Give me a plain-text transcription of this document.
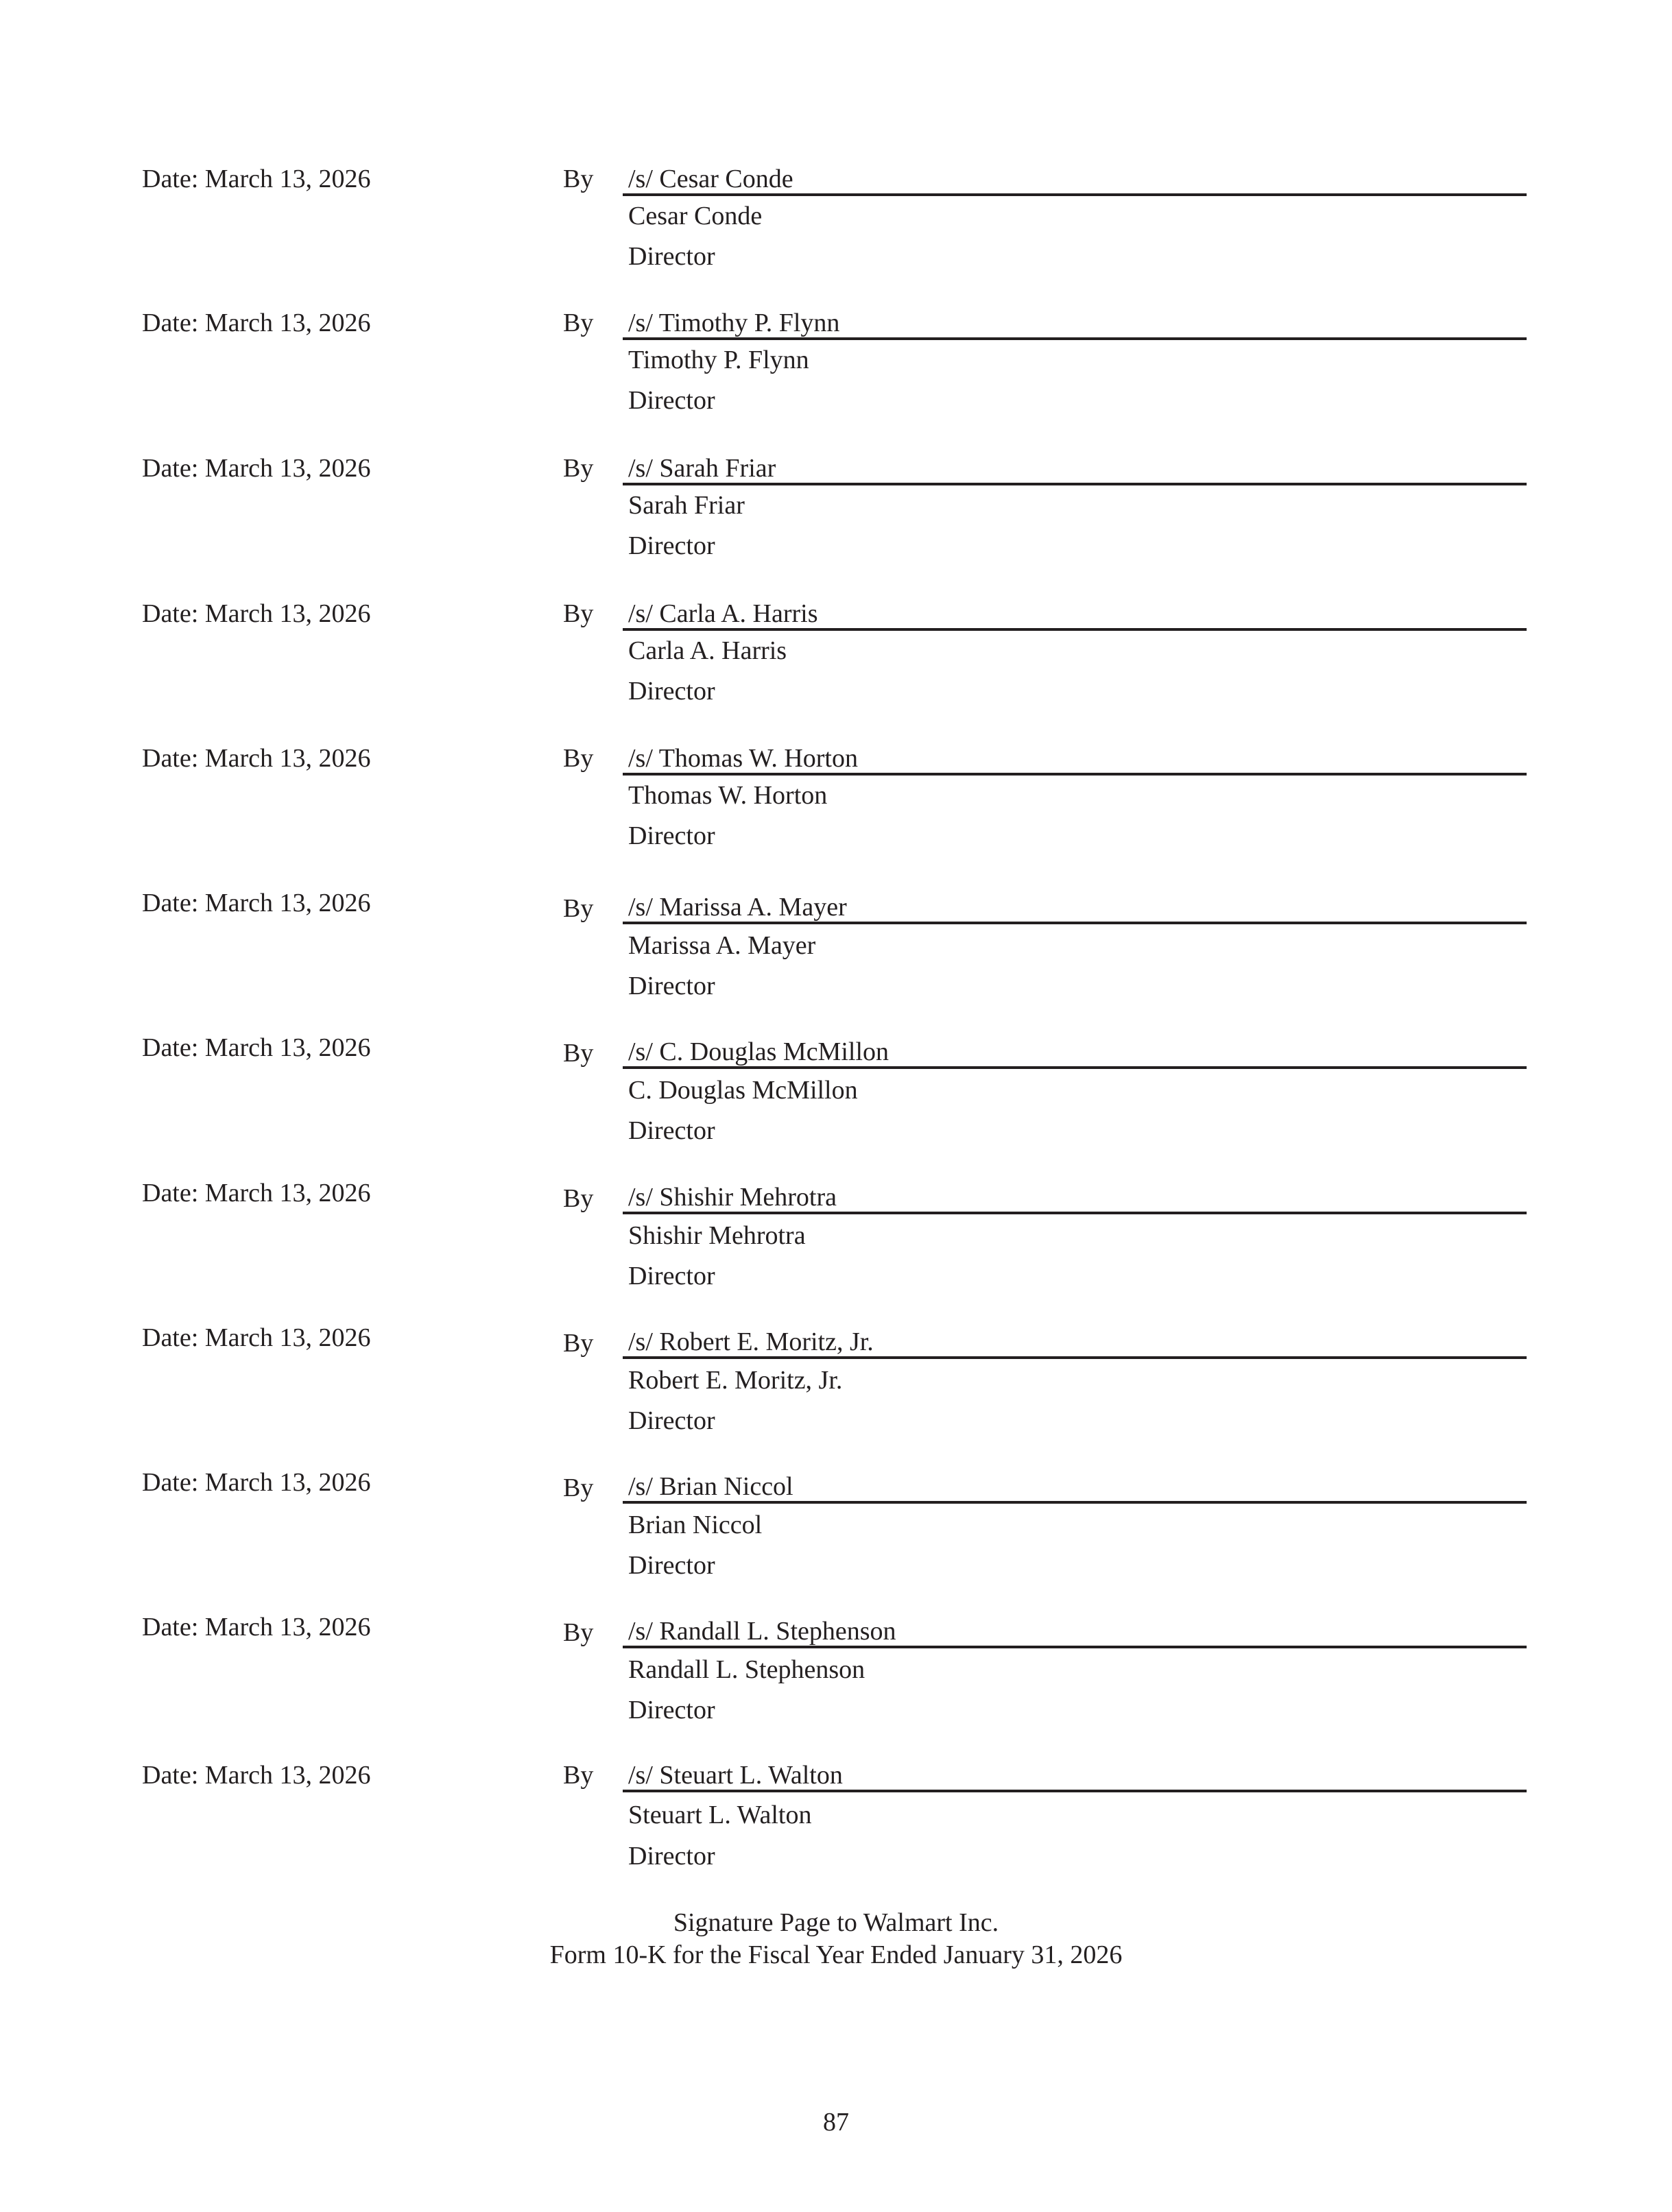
Date: March 13, 2026	By /s/ Cesar Conde
Cesar Conde
Director
Date: March 13, 2026	By /s/ Timothy P. Flynn
Timothy P. Flynn
Director
Date: March 13, 2026	By /s/ Sarah Friar
Sarah Friar
Director
Date: March 13, 2026	By /s/ Carla A. Harris
Carla A. Harris
Director
Date: March 13, 2026	By /s/ Thomas W. Horton
Thomas W. Horton
Director
Date: March 13, 2026	By /s/ Marissa A. Mayer
Marissa A. Mayer
Director
Date: March 13, 2026	By /s/ C. Douglas McMillon
C. Douglas McMillon
Director
Date: March 13, 2026	By /s/ Shishir Mehrotra
Shishir Mehrotra
Director
Date: March 13, 2026	By /s/ Robert E. Moritz, Jr.
Robert E. Moritz, Jr.
Director
Date: March 13, 2026	By /s/ Brian Niccol
Brian Niccol
Director
Date: March 13, 2026	By /s/ Randall L. Stephenson
Randall L. Stephenson
Director
Date: March 13, 2026	By /s/ Steuart L. Walton
Steuart L. Walton
Director
Signature Page to Walmart Inc.
Form 10-K for the Fiscal Year Ended January 31, 2026
87
